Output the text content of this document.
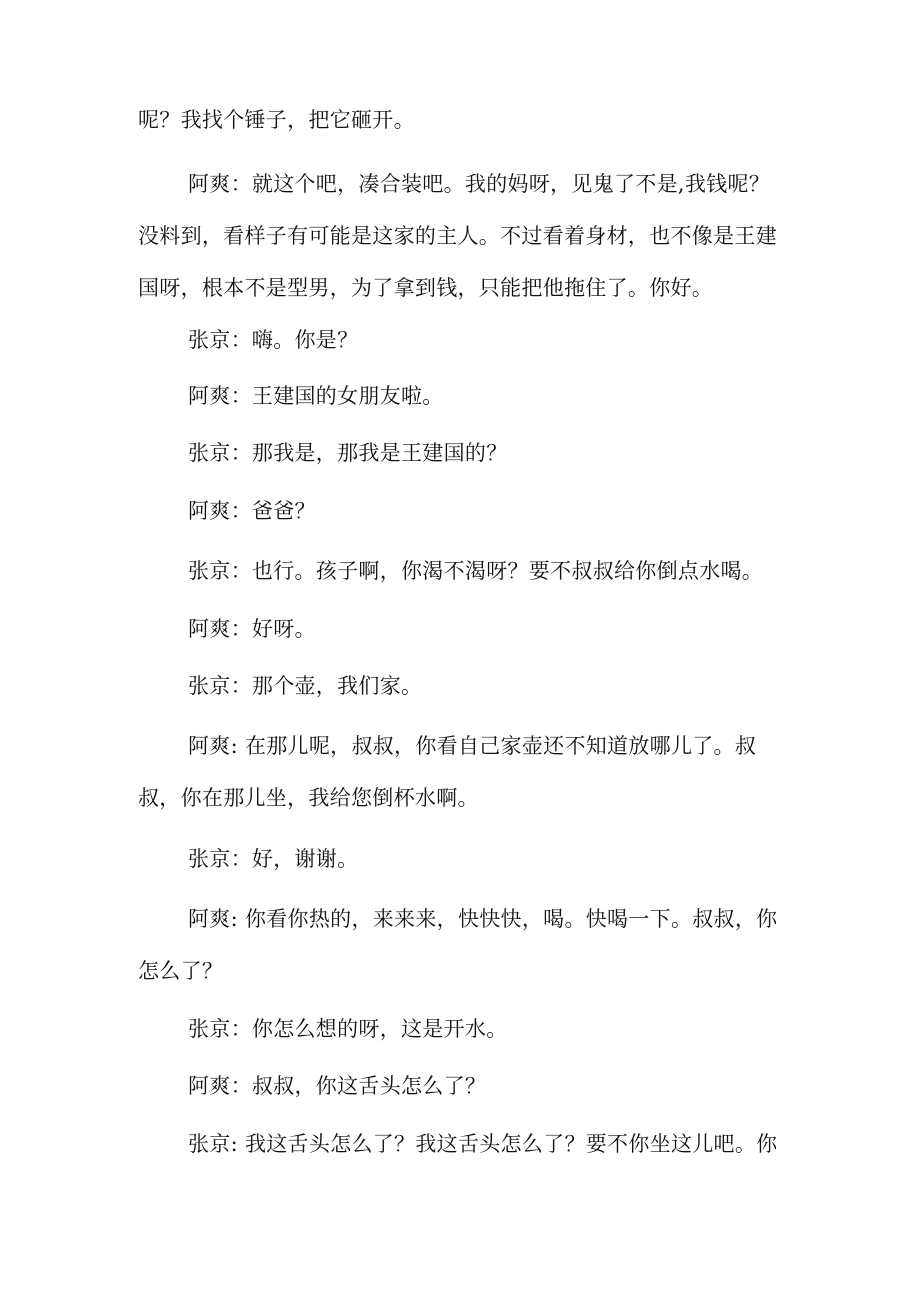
呢？我找个锤子，把它砸开。

阿爽：就这个吧，凑合装吧。我的妈呀，见鬼了不是,我钱呢？没料到，看样子有可能是这家的主人。不过看着身材，也不像是王建国呀，根本不是型男，为了拿到钱，只能把他拖住了。你好。

张京：嗨。你是？

阿爽：王建国的女朋友啦。

张京：那我是，那我是王建国的？

阿爽：爸爸？

张京：也行。孩子啊，你渴不渴呀？要不叔叔给你倒点水喝。

阿爽：好呀。

张京：那个壶，我们家。

阿爽: 在那儿呢，叔叔，你看自己家壶还不知道放哪儿了。叔叔，你在那儿坐，我给您倒杯水啊。

张京：好，谢谢。

阿爽: 你看你热的，来来来，快快快，喝。快喝一下。叔叔，你怎么了？

张京：你怎么想的呀，这是开水。

阿爽：叔叔，你这舌头怎么了？

张京: 我这舌头怎么了？我这舌头怎么了？要不你坐这儿吧。你
